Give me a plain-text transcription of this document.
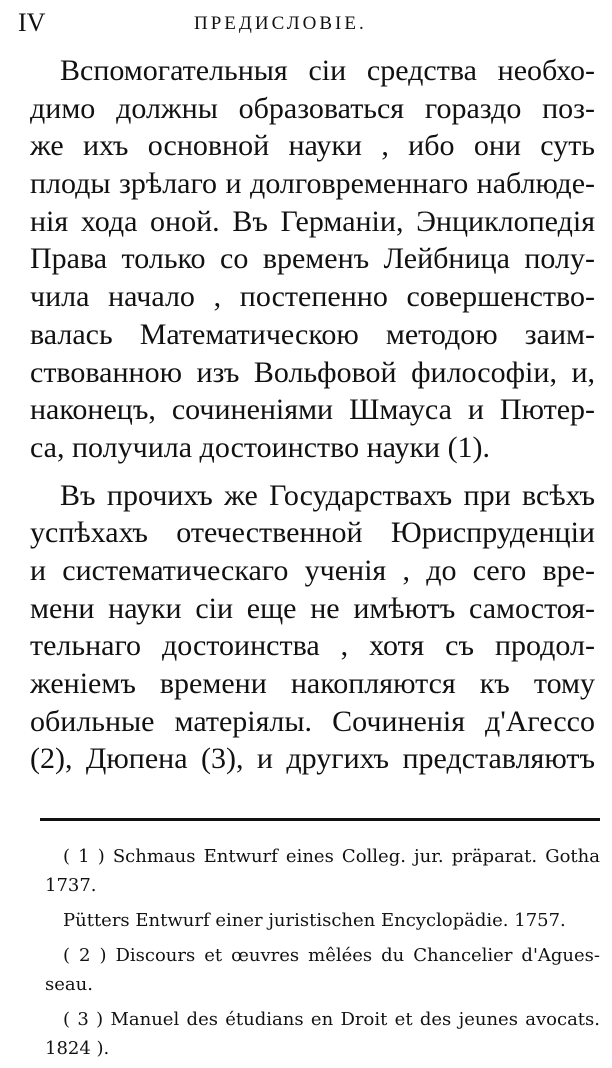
IV	ПРЕДИСЛОВІЕ.
Вспомогательныя сіи средства необхо-
димо должны образоваться гораздо поз-
же ихъ основной науки , ибо они суть
плоды зрѣлаго и долговременнаго наблюде-
нія хода оной. Въ Германіи, Энциклопедія
Права только со временъ Лейбница полу-
чила начало , постепенно совершенство-
валась Математическою методою заим-
ствованною изъ Вольфовой философіи, и,
наконецъ, сочиненіями Шмауса и Пютер-
са, получила достоинство науки (1).
Въ прочихъ же Государствахъ при всѣхъ
успѣхахъ отечественной Юриспруденціи
и систематическаго ученія , до сего вре-
мени науки сіи еще не имѣютъ самостоя-
тельнаго достоинства , хотя съ продол-
женіемъ времени накопляются къ тому
обильные матеріялы. Сочиненія д'Агессо
(2), Дюпена (3), и другихъ представляютъ
( 1 ) Schmaus Entwurf eines Colleg. jur. präparat. Gotha
1737.
Pütters Entwurf einer juristischen Encyclopädie. 1757.
( 2 ) Discours et œuvres mêlées du Chancelier d'Agues-
seau.
( 3 ) Manuel des étudians en Droit et des jeunes avocats.
1824 ).
